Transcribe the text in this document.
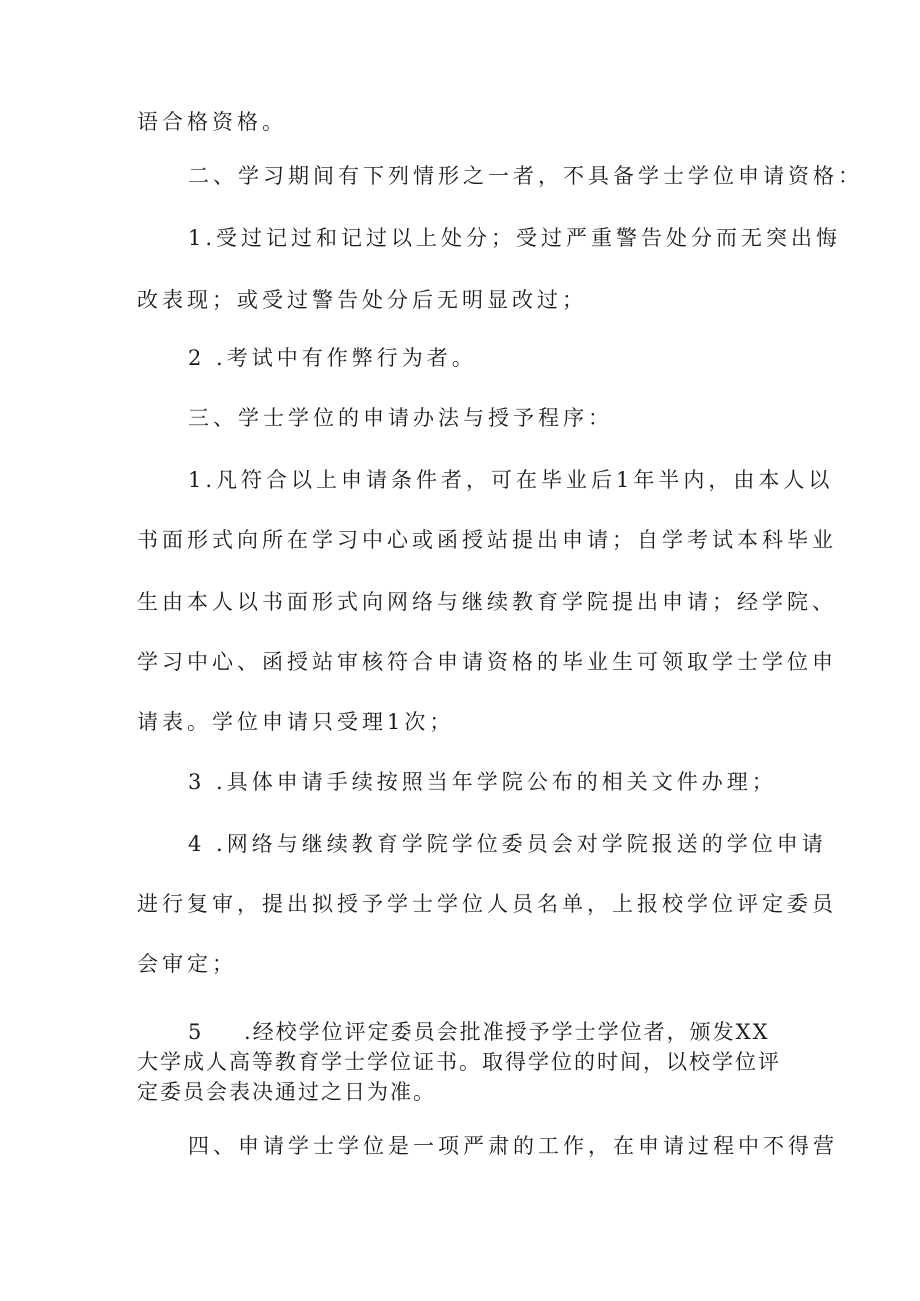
语合格资格。

二、学习期间有下列情形之一者，不具备学士学位申请资格：

1.受过记过和记过以上处分；受过严重警告处分而无突出悔

改表现；或受过警告处分后无明显改过；

2 .考试中有作弊行为者。

三、学士学位的申请办法与授予程序：

1.凡符合以上申请条件者，可在毕业后1年半内，由本人以

书面形式向所在学习中心或函授站提出申请；自学考试本科毕业

生由本人以书面形式向网络与继续教育学院提出申请；经学院、

学习中心、函授站审核符合申请资格的毕业生可领取学士学位申

请表。学位申请只受理1次；

3 .具体申请手续按照当年学院公布的相关文件办理；

4 .网络与继续教育学院学位委员会对学院报送的学位申请

进行复审，提出拟授予学士学位人员名单，上报校学位评定委员

会审定；

5 .经校学位评定委员会批准授予学士学位者，颁发XX

大学成人高等教育学士学位证书。取得学位的时间，以校学位评

定委员会表决通过之日为准。

四、申请学士学位是一项严肃的工作，在申请过程中不得营
